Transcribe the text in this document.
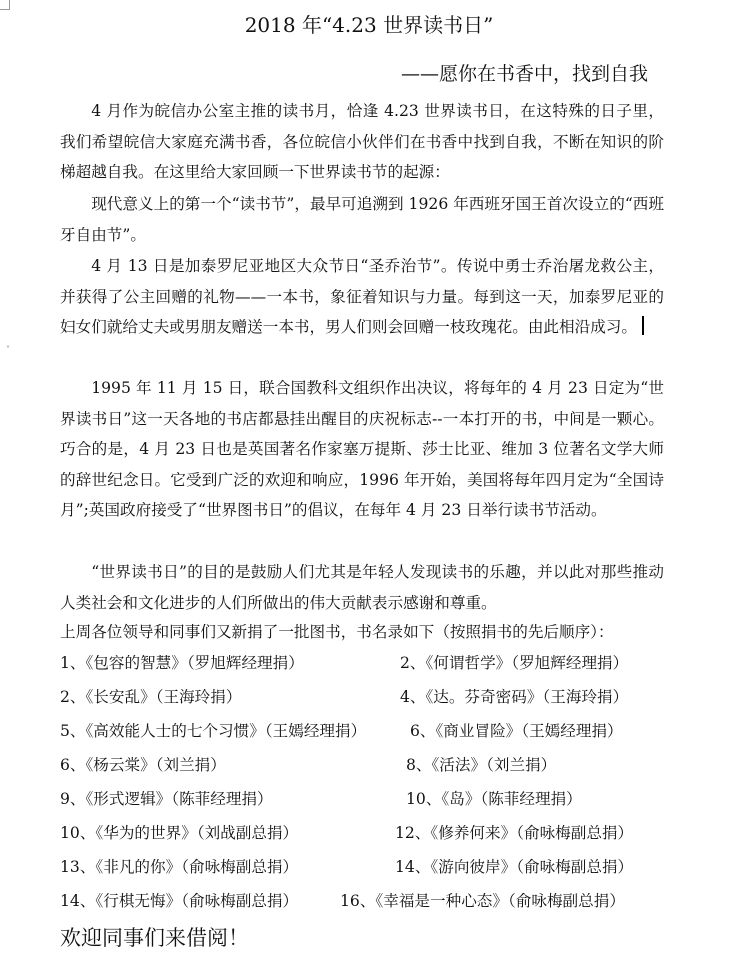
˅
2018 年“4.23 世界读书日”
——愿你在书香中，找到自我
4 月作为皖信办公室主推的读书月，恰逢 4.23 世界读书日，在这特殊的日子里，我们希望皖信大家庭充满书香，各位皖信小伙伴们在书香中找到自我，不断在知识的阶梯超越自我。在这里给大家回顾一下世界读书节的起源：
现代意义上的第一个“读书节”，最早可追溯到 1926 年西班牙国王首次设立的“西班牙自由节”。
4 月 13 日是加泰罗尼亚地区大众节日“圣乔治节”。传说中勇士乔治屠龙救公主，并获得了公主回赠的礼物——一本书，象征着知识与力量。每到这一天，加泰罗尼亚的妇女们就给丈夫或男朋友赠送一本书，男人们则会回赠一枝玫瑰花。由此相沿成习。
1995 年 11 月 15 日，联合国教科文组织作出决议，将每年的 4 月 23 日定为“世界读书日”这一天各地的书店都悬挂出醒目的庆祝标志--一本打开的书，中间是一颗心。巧合的是，4 月 23 日也是英国著名作家塞万提斯、莎士比亚、维加 3 位著名文学大师的辞世纪念日。它受到广泛的欢迎和响应，1996 年开始，美国将每年四月定为“全国诗月”;英国政府接受了“世界图书日”的倡议，在每年 4 月 23 日举行读书节活动。
“世界读书日”的目的是鼓励人们尤其是年轻人发现读书的乐趣，并以此对那些推动人类社会和文化进步的人们所做出的伟大贡献表示感谢和尊重。
上周各位领导和同事们又新捐了一批图书，书名录如下（按照捐书的先后顺序）：
1、《包容的智慧》（罗旭辉经理捐）	2、《何谓哲学》（罗旭辉经理捐）
2、《长安乱》（王海玲捐）	4、《达。芬奇密码》（王海玲捐）
5、《高效能人士的七个习惯》（王嫣经理捐）	6、《商业冒险》（王嫣经理捐）
6、《杨云棠》（刘兰捐）	8、《活法》（刘兰捐）
9、《形式逻辑》（陈菲经理捐）	10、《岛》（陈菲经理捐）
10、《华为的世界》（刘战副总捐）	12、《修养何来》（俞咏梅副总捐）
13、《非凡的你》（俞咏梅副总捐）	14、《游向彼岸》（俞咏梅副总捐）
14、《行棋无悔》（俞咏梅副总捐）	16、《幸福是一种心态》（俞咏梅副总捐）
欢迎同事们来借阅！
